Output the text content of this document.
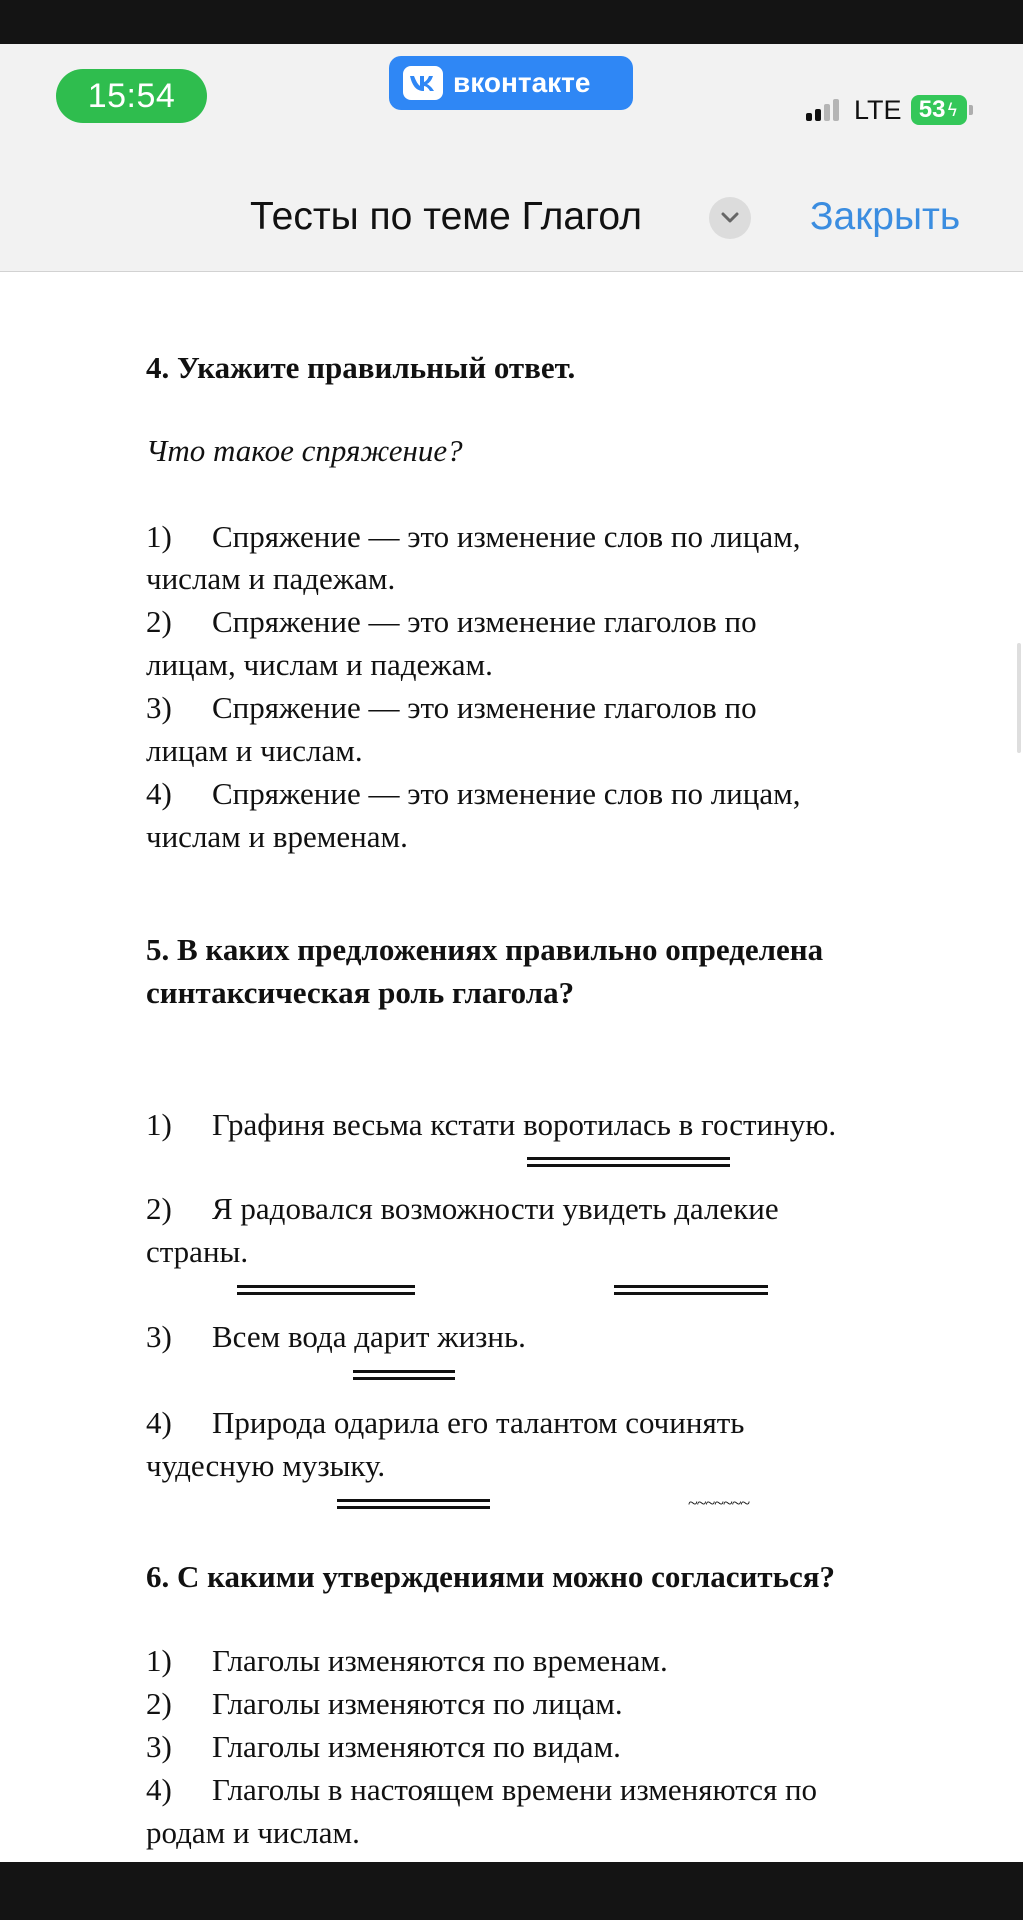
15:54	вконтакте
LTE 53 ϟ
Тесты по теме Глагол	Закрыть
4. Укажите правильный ответ.
Что такое спряжение?
1) Спряжение — это изменение слов по лицам,
числам и падежам.
2) Спряжение — это изменение глаголов по
лицам, числам и падежам.
3) Спряжение — это изменение глаголов по
лицам и числам.
4) Спряжение — это изменение слов по лицам,
числам и временам.
5. В каких предложениях правильно определена
синтаксическая роль глагола?
1) Графиня весьма кстати воротилась в гостиную.
2) Я радовался возможности увидеть далекие
страны.
3) Всем вода дарит жизнь.
4) Природа одарила его талантом сочинять
чудесную музыку.
~~~~~~~
6. С какими утверждениями можно согласиться?
1) Глаголы изменяются по временам.
2) Глаголы изменяются по лицам.
3) Глаголы изменяются по видам.
4) Глаголы в настоящем времени изменяются по
родам и числам.
